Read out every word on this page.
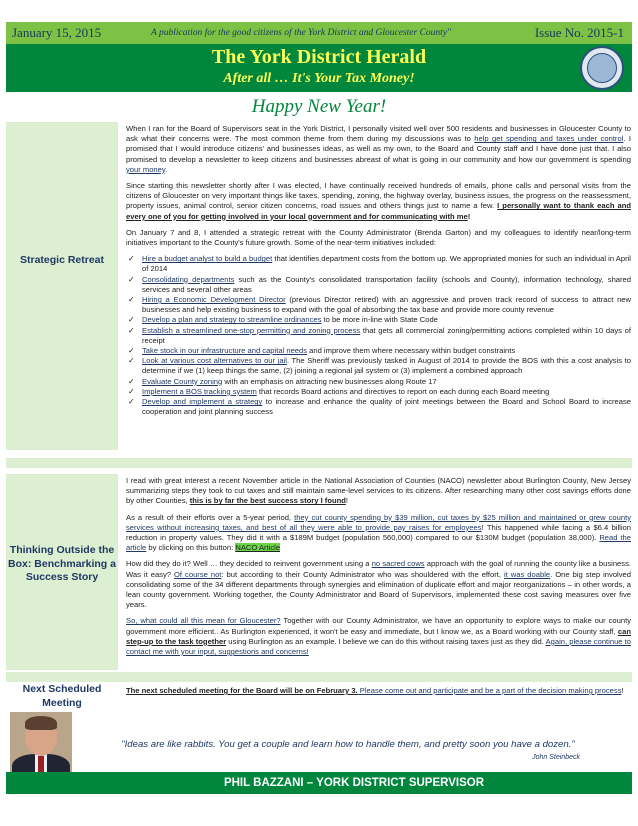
January 15, 2015	A publication for the good citizens of the York District and Gloucester County"	Issue No. 2015-1
The York District Herald
After all … It's Your Tax Money!
Happy New Year!
Strategic Retreat
Thinking Outside the Box: Benchmarking a Success Story
Next Scheduled Meeting

When I ran for the Board of Supervisors seat in the York District, I personally visited well over 500 residents and businesses in Gloucester County to ask what their concerns were. The most common theme from them during my discussions was to help get spending and taxes under control. I promised that I would introduce citizens' and businesses ideas, as well as my own, to the Board and County staff and I have done just that. I also promised to develop a newsletter to keep citizens and businesses abreast of what is going in our community and how our government is spending your money.

Since starting this newsletter shortly after I was elected, I have continually received hundreds of emails, phone calls and personal visits from the citizens of Gloucester on very important things like taxes, spending, zoning, the highway overlay, business issues, the progress on the reassessment, property issues, animal control, senior citizen concerns, road issues and others things just to name a few. I personally want to thank each and every one of you for getting involved in your local government and for communicating with me!

On January 7 and 8, I attended a strategic retreat with the County Administrator (Brenda Garton) and my colleagues to identify near/long-term initiatives important to the County's future growth. Some of the near-term initiatives included:

✓ Hire a budget analyst to build a budget that identifies department costs from the bottom up. We appropriated monies for such an individual in April of 2014
✓ Consolidating departments such as the County's consolidated transportation facility (schools and County), information technology, shared services and several other areas
✓ Hiring a Economic Development Director (previous Director retired) with an aggressive and proven track record of success to attract new businesses and help existing business to expand with the goal of absorbing the tax base and provide more county revenue
✓ Develop a plan and strategy to streamline ordinances to be more in-line with State Code
✓ Establish a streamlined one-stop permitting and zoning process that gets all commercial zoning/permitting actions completed within 10 days of receipt
✓ Take stock in our infrastructure and capital needs and improve them where necessary within budget constraints
✓ Look at various cost alternatives to our jail. The Sheriff was previously tasked in August of 2014 to provide the BOS with this a cost analysis to determine if we (1) keep things the same, (2) joining a regional jail system or (3) implement a combined approach
✓ Evaluate County zoning with an emphasis on attracting new businesses along Route 17
✓ Implement a BOS tracking system that records Board actions and directives to report on each during each Board meeting
✓ Develop and implement a strategy to increase and enhance the quality of joint meetings between the Board and School Board to increase cooperation and joint planning success

I read with great interest a recent November article in the National Association of Counties (NACO) newsletter about Burlington County, New Jersey summarizing steps they took to cut taxes and still maintain same-level services to its citizens. After researching many other cost savings efforts done by other Counties, this is by far the best success story I found!

As a result of their efforts over a 5-year period, they cut county spending by $39 million, cut taxes by $25 million and maintained or grew county services without increasing taxes, and best of all they were able to provide pay raises for employees! This happened while facing a $6.4 billion reduction in property values. They did it with a $189M budget (population 560,000) compared to our $130M budget (population 38,000). Read the article by clicking on this button: NACO Article

How did they do it? Well … they decided to reinvent government using a no sacred cows approach with the goal of running the county like a business. Was it easy? Of course not: but according to their County Administrator who was shouldered with the effort, it was doable. One big step involved consolidating some of the 34 different departments through synergies and elimination of duplicate effort and major reorganizations – in other words, a lean county government. Working together, the County Administrator and Board of Supervisors, implemented these cost saving measures over five years.

So, what could all this mean for Gloucester? Together with our County Administrator, we have an opportunity to explore ways to make our county government more efficient.. As Burlington experienced, it won't be easy and immediate, but I know we, as a Board working with our County staff, can step-up to the task together using Burlington as an example. I believe we can do this without raising taxes just as they did. Again, please continue to contact me with your input, suggestions and concerns!

The next scheduled meeting for the Board will be on February 3. Please come out and participate and be a part of the decision making process!

"Ideas are like rabbits. You get a couple and learn how to handle them, and pretty soon you have a dozen."
John Steinbeck
PHIL BAZZANI – YORK DISTRICT SUPERVISOR
